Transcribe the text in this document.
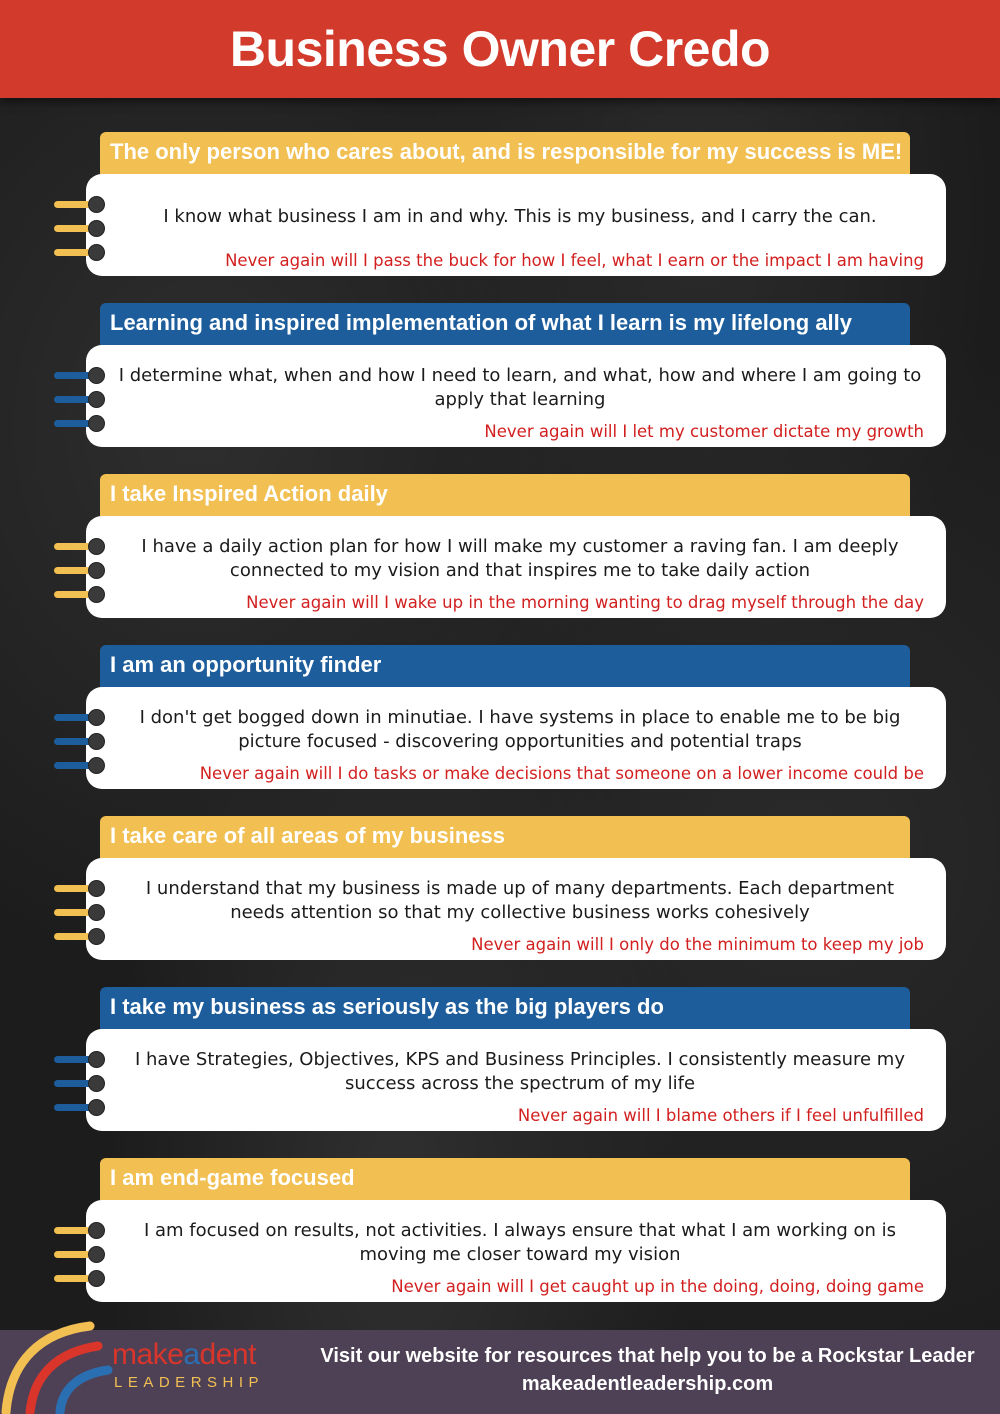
Business Owner Credo
The only person who cares about, and is responsible for my success is ME!
I know what business I am in and why. This is my business, and I carry the can.
Never again will I pass the buck for how I feel, what I earn or the impact I am having
Learning and inspired implementation of what I learn is my lifelong ally
I determine what, when and how I need to learn, and what, how and where I am going to apply that learning
Never again will I let my customer dictate my growth
I take Inspired Action daily
I have a daily action plan for how I will make my customer a raving fan. I am deeply connected to my vision and that inspires me to take daily action
Never again will I wake up in the morning wanting to drag myself through the day
I am an opportunity finder
I don't get bogged down in minutiae. I have systems in place to enable me to be big picture focused - discovering opportunities and potential traps
Never again will I do tasks or make decisions that someone on a lower income could be
I take care of all areas of my business
I understand that my business is made up of many departments. Each department needs attention so that my collective business works cohesively
Never again will I only do the minimum to keep my job
I take my business as seriously as the big players do
I have Strategies, Objectives, KPS and Business Principles. I consistently measure my success across the spectrum of my life
Never again will I blame others if I feel unfulfilled
I am end-game focused
I am focused on results, not activities. I always ensure that what I am working on is moving me closer toward my vision
Never again will I get caught up in the doing, doing, doing game
makeadent
LEADERSHIP
Visit our website for resources that help you to be a Rockstar Leader
makeadentleadership.com
